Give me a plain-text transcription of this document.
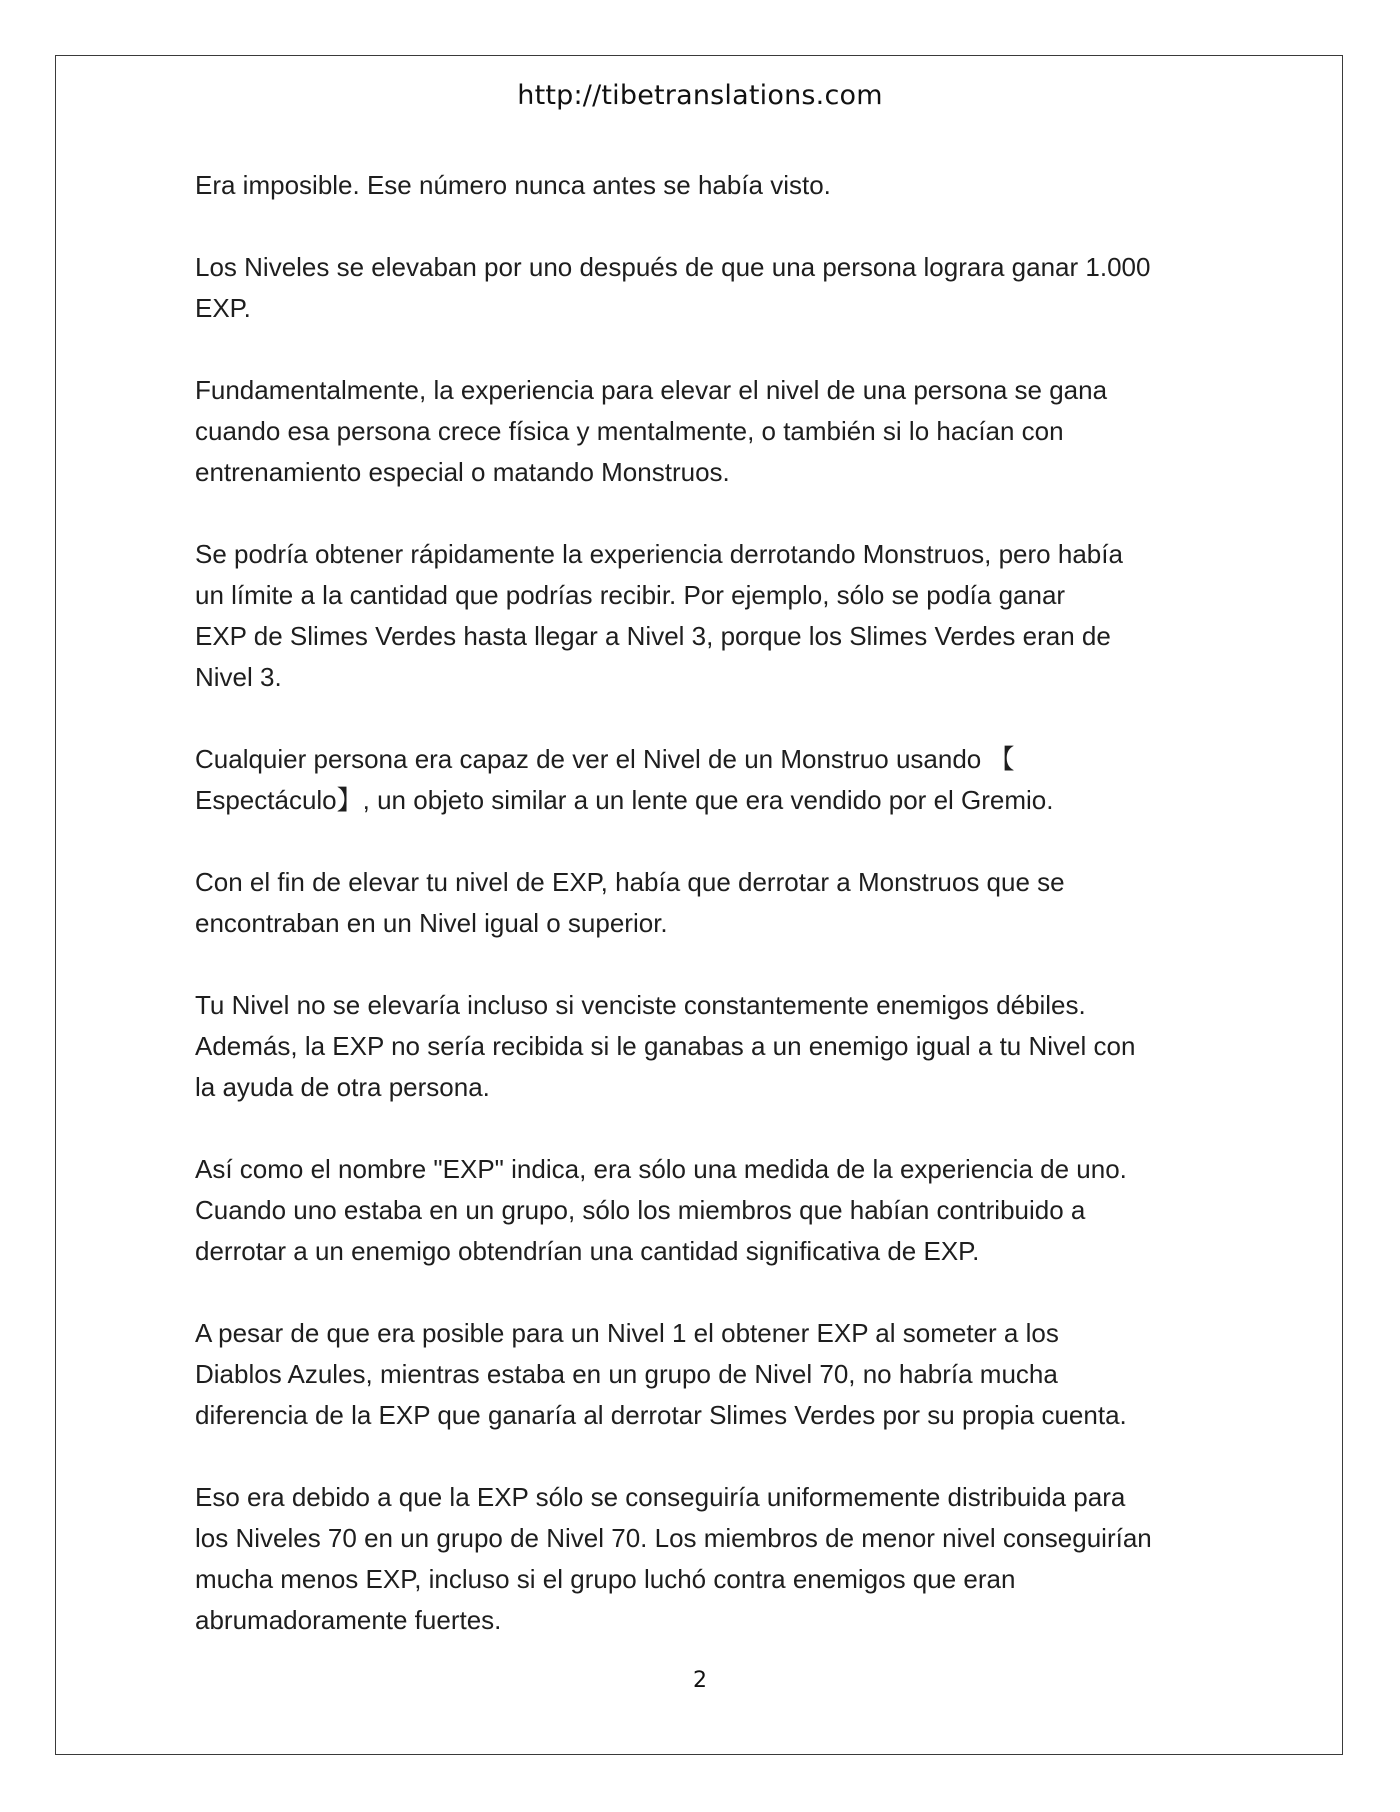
http://tibetranslations.com

Era imposible. Ese número nunca antes se había visto.

Los Niveles se elevaban por uno después de que una persona lograra ganar 1.000
EXP.

Fundamentalmente, la experiencia para elevar el nivel de una persona se gana
cuando esa persona crece física y mentalmente, o también si lo hacían con
entrenamiento especial o matando Monstruos.

Se podría obtener rápidamente la experiencia derrotando Monstruos, pero había
un límite a la cantidad que podrías recibir. Por ejemplo, sólo se podía ganar
EXP de Slimes Verdes hasta llegar a Nivel 3, porque los Slimes Verdes eran de
Nivel 3.

Cualquier persona era capaz de ver el Nivel de un Monstruo usando 【
Espectáculo】, un objeto similar a un lente que era vendido por el Gremio.

Con el fin de elevar tu nivel de EXP, había que derrotar a Monstruos que se
encontraban en un Nivel igual o superior.

Tu Nivel no se elevaría incluso si venciste constantemente enemigos débiles.
Además, la EXP no sería recibida si le ganabas a un enemigo igual a tu Nivel con
la ayuda de otra persona.

Así como el nombre "EXP" indica, era sólo una medida de la experiencia de uno.
Cuando uno estaba en un grupo, sólo los miembros que habían contribuido a
derrotar a un enemigo obtendrían una cantidad significativa de EXP.

A pesar de que era posible para un Nivel 1 el obtener EXP al someter a los
Diablos Azules, mientras estaba en un grupo de Nivel 70, no habría mucha
diferencia de la EXP que ganaría al derrotar Slimes Verdes por su propia cuenta.

Eso era debido a que la EXP sólo se conseguiría uniformemente distribuida para
los Niveles 70 en un grupo de Nivel 70. Los miembros de menor nivel conseguirían
mucha menos EXP, incluso si el grupo luchó contra enemigos que eran
abrumadoramente fuertes.

2
